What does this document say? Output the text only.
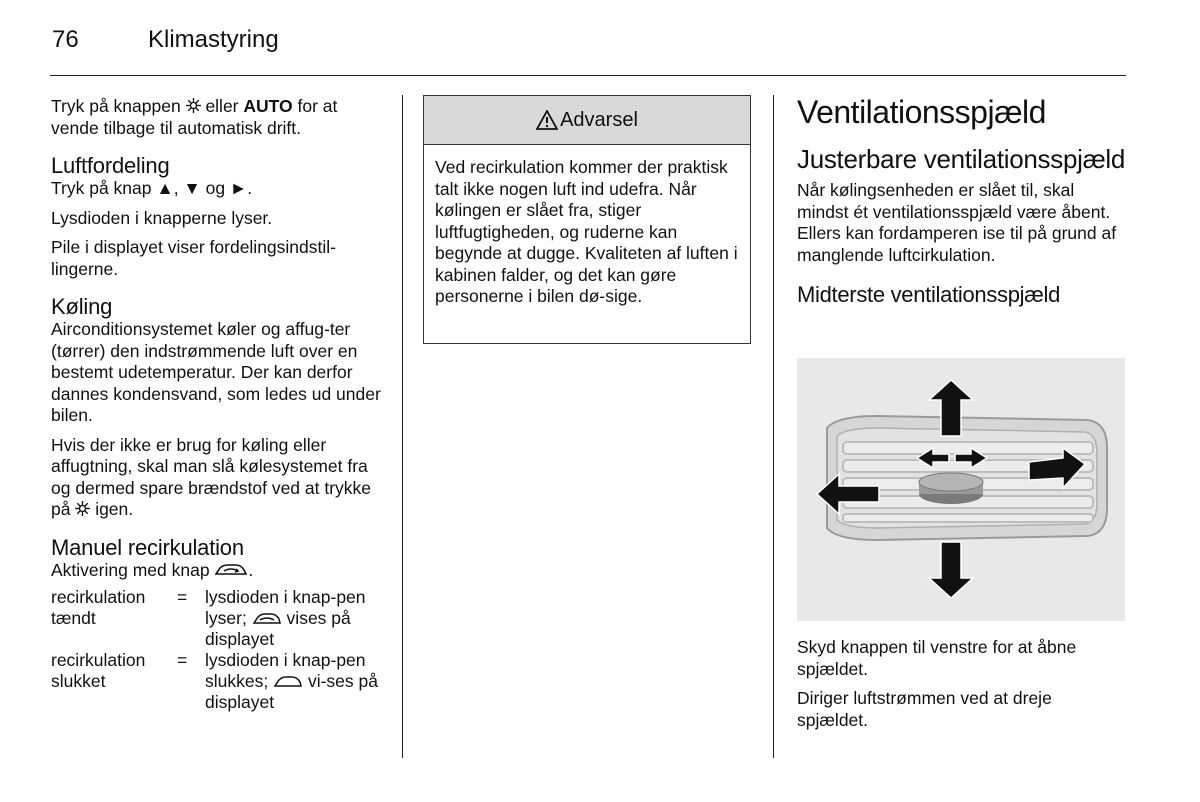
76	Klimastyring

Tryk på knappen  eller AUTO for at vende tilbage til automatisk drift.

Luftfordeling

Tryk på knap ▲, ▼ og ►.

Lysdioden i knapperne lyser.

Pile i displayet viser fordelingsindstil-lingerne.

Køling

Airconditionsystemet køler og affug-ter (tørrer) den indstrømmende luft over en bestemt udetemperatur. Der kan derfor dannes kondensvand, som ledes ud under bilen.

Hvis der ikke er brug for køling eller affugtning, skal man slå kølesystemet fra og dermed spare brændstof ved at trykke på  igen.

Manuel recirkulation

Aktivering med knap .

recirkulation tændt
=	lysdioden i knap-pen lyser;  vises på displayet
recirkulation slukket
=	lysdioden i knap-pen slukkes;  vi-ses på displayet
Advarsel
Ved recirkulation kommer der praktisk talt ikke nogen luft ind udefra. Når kølingen er slået fra, stiger luftfugtigheden, og ruderne kan begynde at dugge. Kvaliteten af luften i kabinen falder, og det kan gøre personerne i bilen dø-sige.
Ventilationsspjæld
Justerbare ventilationsspjæld

Når kølingsenheden er slået til, skal mindst ét ventilationsspjæld være åbent. Ellers kan fordamperen ise til på grund af manglende luftcirkulation.

Midterste ventilationsspjæld

Skyd knappen til venstre for at åbne spjældet.

Diriger luftstrømmen ved at dreje spjældet.
